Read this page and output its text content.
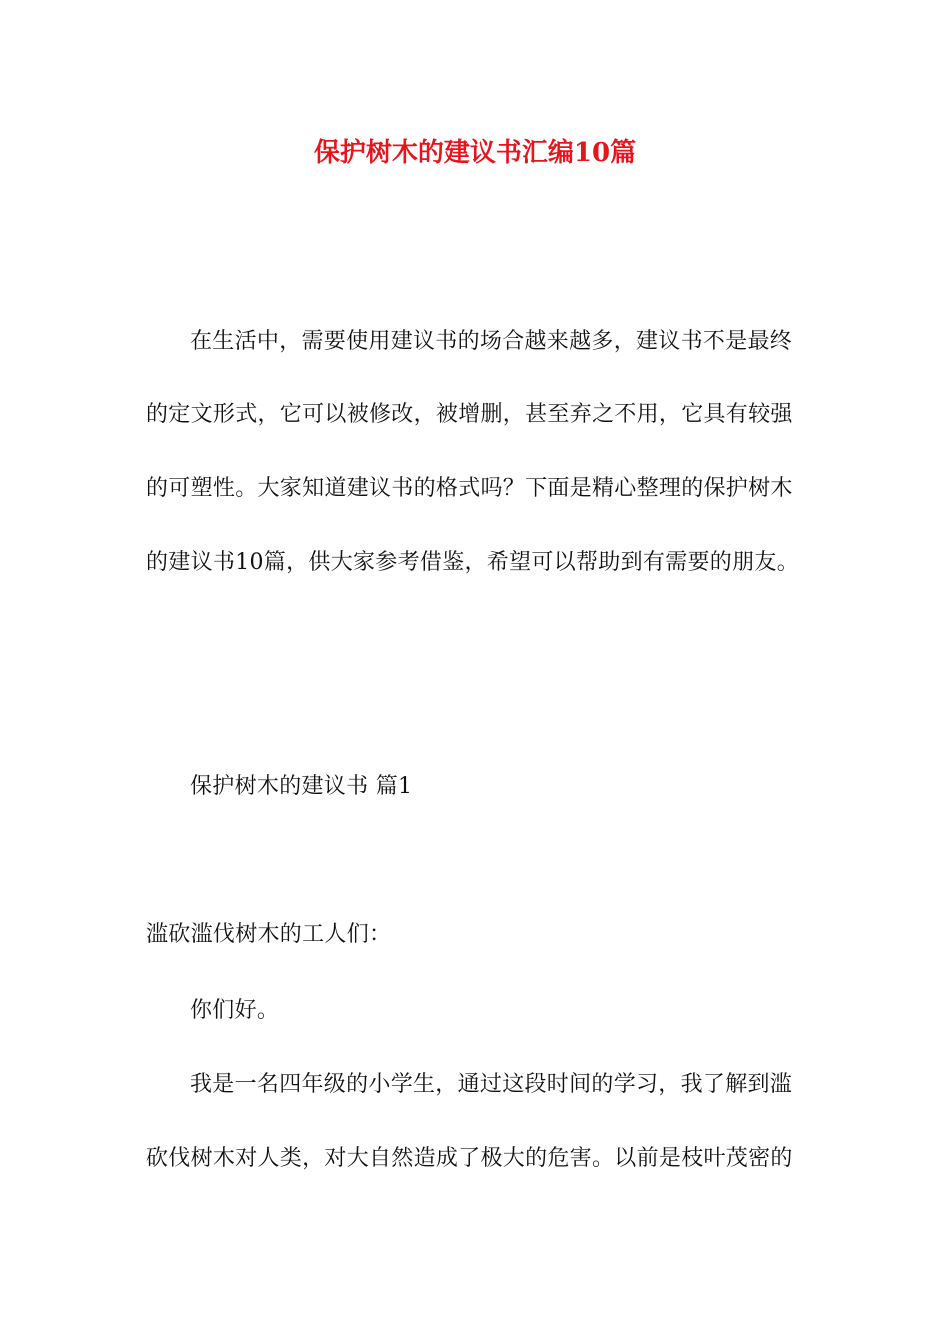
保护树木的建议书汇编10篇
在生活中，需要使用建议书的场合越来越多，建议书不是最终
的定文形式，它可以被修改，被增删，甚至弃之不用，它具有较强
的可塑性。大家知道建议书的格式吗？下面是精心整理的保护树木
的建议书10篇，供大家参考借鉴，希望可以帮助到有需要的朋友。
保护树木的建议书 篇1
滥砍滥伐树木的工人们：
你们好。
我是一名四年级的小学生，通过这段时间的学习，我了解到滥
砍伐树木对人类，对大自然造成了极大的危害。以前是枝叶茂密的
